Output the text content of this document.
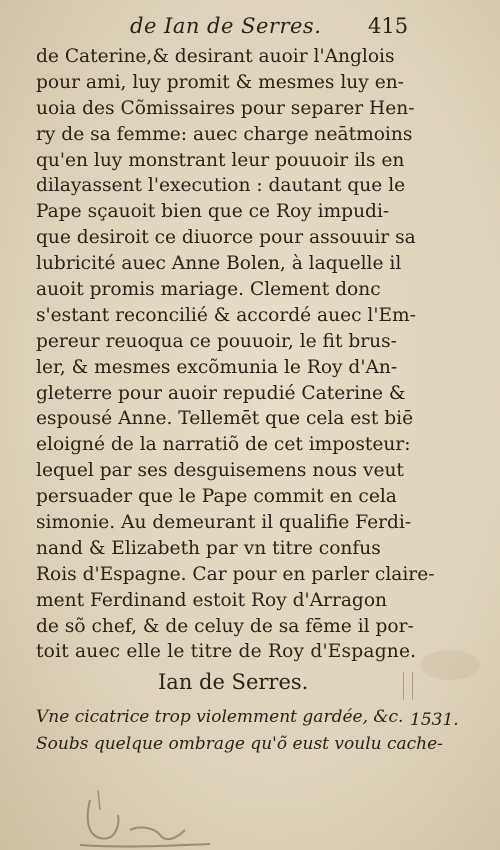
de Ian de Serres. 415
de Caterine,& desirant auoir l'Anglois
pour ami, luy promit & mesmes luy en-
uoia des Cõmissaires pour separer Hen-
ry de sa femme: auec charge neātmoins
qu'en luy monstrant leur pouuoir ils en
dilayassent l'execution : dautant que le
Pape sçauoit bien que ce Roy impudi-
que desiroit ce diuorce pour assouuir sa
lubricité auec Anne Bolen, à laquelle il
auoit promis mariage. Clement donc
s'estant reconcilié & accordé auec l'Em-
pereur reuoqua ce pouuoir, le fit brus-
ler, & mesmes excõmunia le Roy d'An-
gleterre pour auoir repudié Caterine &
espousé Anne. Tellemēt que cela est biē
eloigné de la narratiõ de cet imposteur:
lequel par ses desguisemens nous veut
persuader que le Pape commit en cela
simonie. Au demeurant il qualifie Ferdi-
nand & Elizabeth par vn titre confus
Rois d'Espagne. Car pour en parler claire-
ment Ferdinand estoit Roy d'Arragon
de sõ chef, & de celuy de sa fēme il por-
toit auec elle le titre de Roy d'Espagne.
Ian de Serres.
Vne cicatrice trop violemment gardée, &c.
Soubs quelque ombrage qu'õ eust voulu cache-
1531.
